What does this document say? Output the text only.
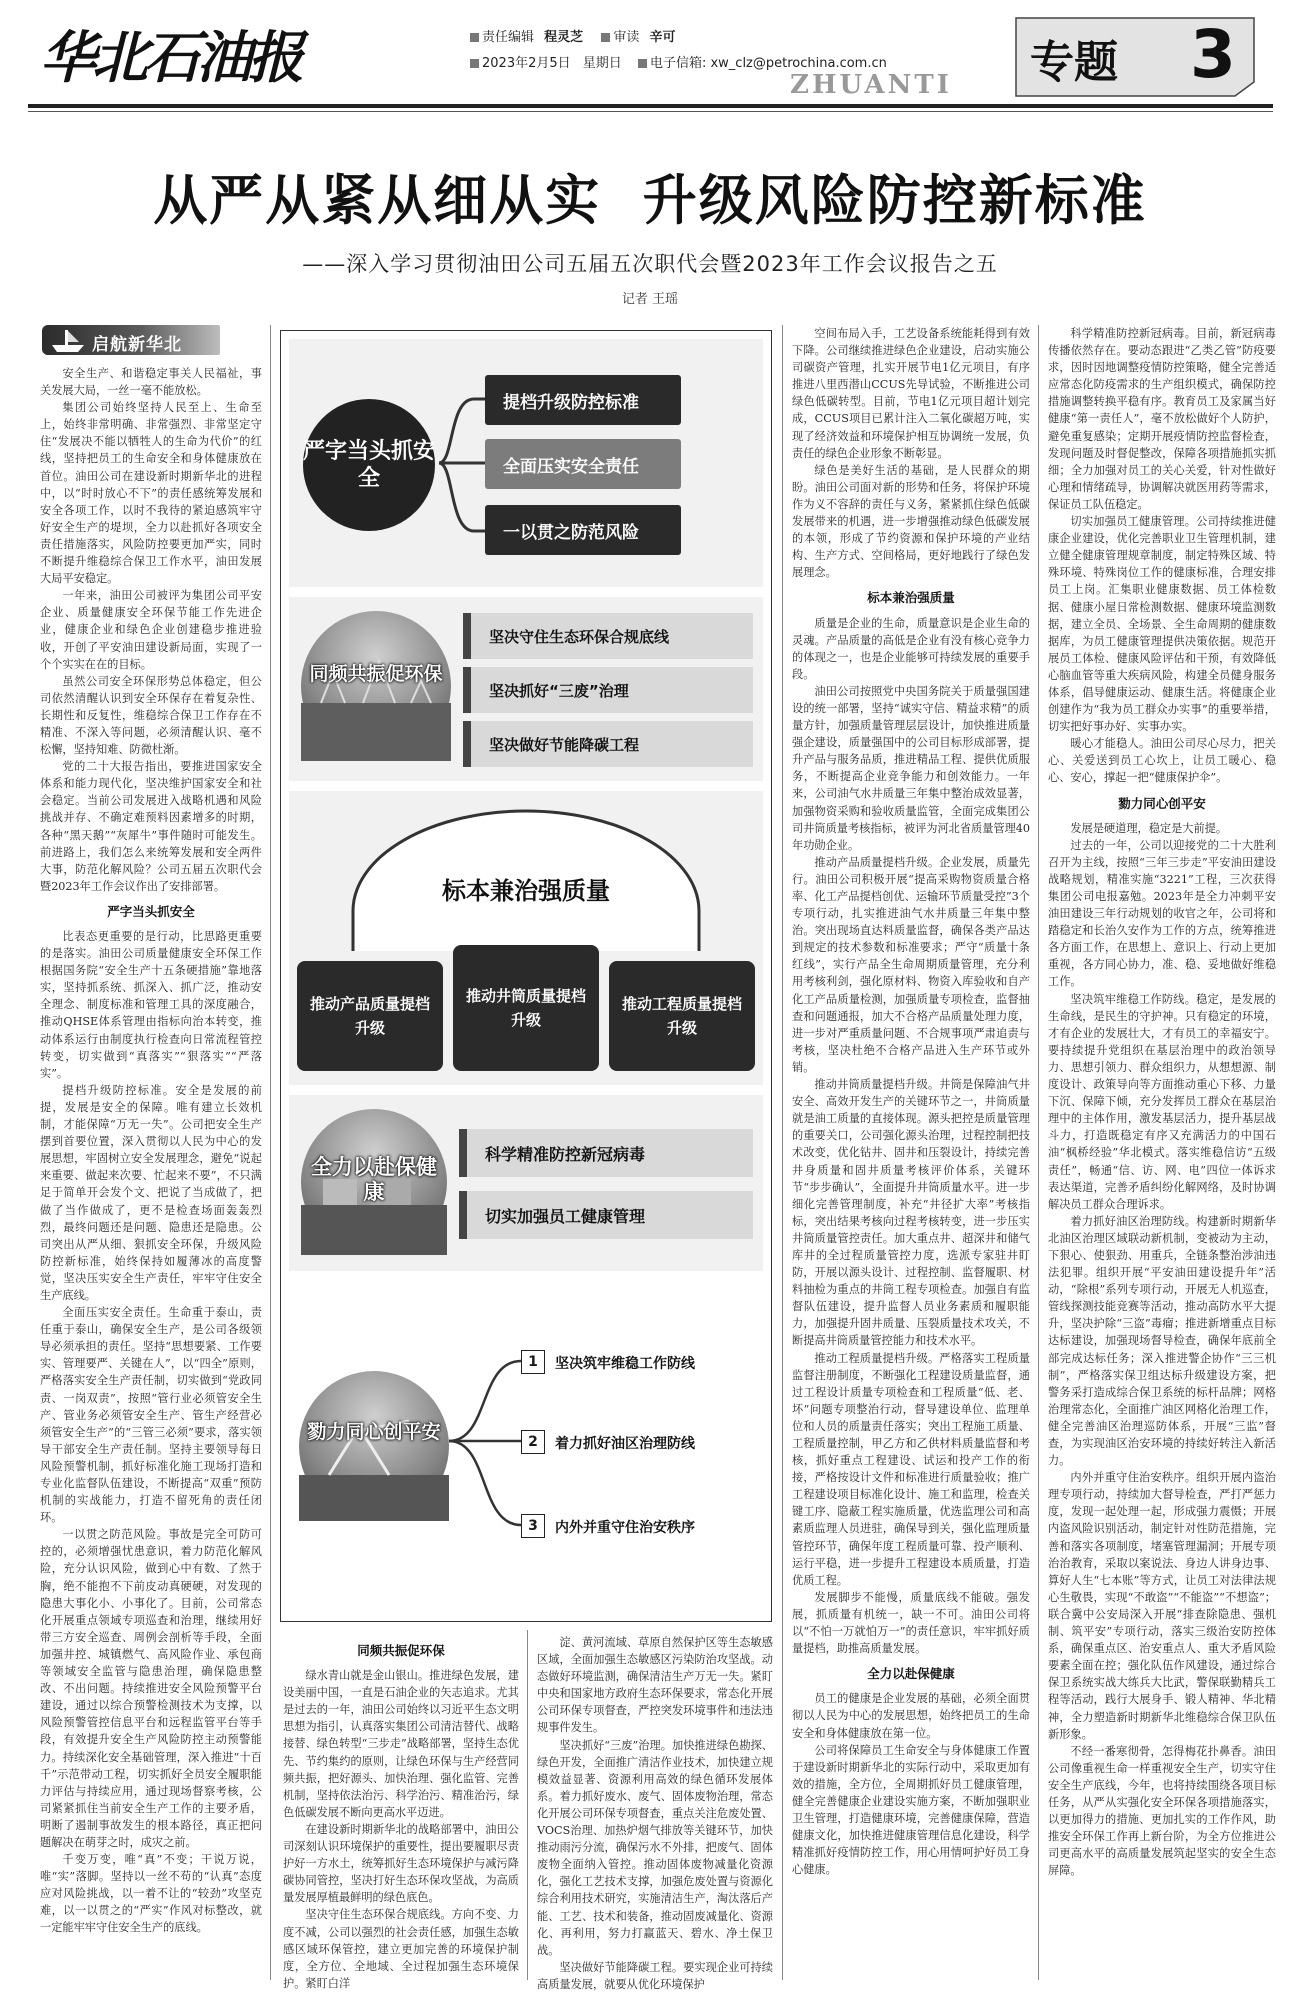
华北石油报	责任编辑 程灵芝 审读 辛可
2023年2月5日 星期日 电子信箱: xw_clz@petrochina.com.cn
ZHUANTI 专题 3
从严从紧从细从实  升级风险防控新标准
——深入学习贯彻油田公司五届五次职代会暨2023年工作会议报告之五
记者 王瑶
启航新华北

安全生产、和谐稳定事关人民福祉，事关发展大局，一丝一毫不能放松。

集团公司始终坚持人民至上、生命至上，始终非常明确、非常强烈、非常坚定守住“发展决不能以牺牲人的生命为代价”的红线，坚持把员工的生命安全和身体健康放在首位。油田公司在建设新时期新华北的进程中，以“时时放心不下”的责任感统筹发展和安全各项工作，以时不我待的紧迫感筑牢守好安全生产的堤坝，全力以赴抓好各项安全责任措施落实，风险防控要更加严实，同时不断提升维稳综合保卫工作水平，油田发展大局平安稳定。

一年来，油田公司被评为集团公司平安企业、质量健康安全环保节能工作先进企业，健康企业和绿色企业创建稳步推进验收，开创了平安油田建设新局面，实现了一个个实实在在的目标。

虽然公司安全环保形势总体稳定，但公司依然清醒认识到安全环保存在着复杂性、长期性和反复性，维稳综合保卫工作存在不精准、不深入等问题，必须清醒认识、毫不松懈，坚持知难、防微杜渐。

党的二十大报告指出，要推进国家安全体系和能力现代化，坚决维护国家安全和社会稳定。当前公司发展进入战略机遇和风险挑战并存、不确定难预料因素增多的时期，各种“黑天鹅”“灰犀牛”事件随时可能发生。前进路上，我们怎么来统筹发展和安全两件大事，防范化解风险？公司五届五次职代会暨2023年工作会议作出了安排部署。

严字当头抓安全

比表态更重要的是行动，比思路更重要的是落实。油田公司质量健康安全环保工作根据国务院“安全生产十五条硬措施”靠地落实，坚持抓系统、抓深入、抓广泛，推动安全理念、制度标准和管理工具的深度融合，推动QHSE体系管理由指标向治本转变，推动体系运行由制度执行检查向日常流程管控转变，切实做到“真落实”“狠落实”“严落实”。

提档升级防控标准。安全是发展的前提，发展是安全的保障。唯有建立长效机制，才能保障“万无一失”。公司把安全生产摆到首要位置，深入贯彻以人民为中心的发展思想，牢固树立安全发展理念，避免“说起来重要、做起来次要、忙起来不要”，不只满足于简单开会发个文、把说了当成做了，把做了当作做成了，更不是检查场面轰轰烈烈，最终问题还是问题、隐患还是隐患。公司突出从严从细、狠抓安全环保，升级风险防控新标准，始终保持如履薄冰的高度警觉，坚决压实安全生产责任，牢牢守住安全生产底线。

全面压实安全责任。生命重于泰山，责任重于泰山，确保安全生产，是公司各级领导必须承担的责任。坚持“思想要紧、工作要实、管理要严、关键在人”，以“四全”原则，严格落实安全生产责任制，切实做到“党政同责、一岗双责”，按照“管行业必须管安全生产、管业务必须管安全生产、管生产经营必须管安全生产”的“三管三必须”要求，落实领导干部安全生产责任制。坚持主要领导每日风险预警机制，抓好标准化施工现场打造和专业化监督队伍建设，不断提高“双重”预防机制的实战能力，打造不留死角的责任闭环。

一以贯之防范风险。事故是完全可防可控的，必须增强忧患意识，着力防范化解风险，充分认识风险，做到心中有数、了然于胸，绝不能抱不下前皮动真硬硬，对发现的隐患大事化小、小事化了。目前，公司常态化开展重点领域专项巡查和治理，继续用好带三方安全巡查、周例会剖析等手段，全面加强井控、城镇燃气、高风险作业、承包商等领域安全监管与隐患治理，确保隐患整改、不出问题。持续推进安全风险预警平台建设，通过以综合预警检测技术为支撑，以风险预警管控信息平台和远程监管平台等手段，有效提升安全生产风险防控主动预警能力。持续深化安全基础管理，深入推进“十百千”示范带动工程，切实抓好全员安全履职能力评估与持续应用，通过现场督察考核，公司紧紧抓住当前安全生产工作的主要矛盾，明断了遏制事故发生的根本路径，真正把问题解决在萌芽之时，成灾之前。

千变万变，唯“真”不变；干说万说，唯“实”落脚。坚持以一丝不苟的“认真”态度应对风险挑战，以一着不让的“较劲”攻坚克难，以一以贯之的“严实”作风对标整改，就一定能牢牢守住安全生产的底线。

同频共振促环保

绿水青山就是金山银山。推进绿色发展，建设美丽中国，一直是石油企业的矢志追求。尤其是过去的一年，油田公司始终以习近平生态文明思想为指引，认真落实集团公司清洁替代、战略接替、绿色转型“三步走”战略部署，坚持生态优先、节约集约的原则，让绿色环保与生产经营同频共振，把好源头、加快治理、强化监管、完善机制，坚持依法治污、科学治污、精准治污，绿色低碳发展不断向更高水平迈进。

在建设新时期新华北的战略部署中，油田公司深刻认识环境保护的重要性，提出要履职尽责护好一方水土，统筹抓好生态环境保护与减污降碳协同管控，坚决打好生态环保攻坚战，为高质量发展厚植最鲜明的绿色底色。

坚决守住生态环保合规底线。方向不变、力度不减，公司以强烈的社会责任感，加强生态敏感区域环保管控，建立更加完善的环境保护制度，全方位、全地域、全过程加强生态环境保护。紧盯白洋

淀、黄河流域、草原自然保护区等生态敏感区域，全面加强生态敏感区污染防治攻坚战。动态做好环境监测，确保清洁生产万无一失。紧盯中央和国家地方政府生态环保要求，常态化开展公司环保专项督查，严控突发环境事件和违法违规事件发生。

坚决抓好“三废”治理。加快推进绿色勘探、绿色开发，全面推广清洁作业技术，加快建立规模效益显著、资源利用高效的绿色循环发展体系。着力抓好废水、废气、固体废物治理，常态化开展公司环保专项督查，重点关注危废处置、VOCS治理、加热炉烟气排放等关键环节，加快推动雨污分流，确保污水不外排，把废气、固体废物全面纳入管控。推动固体废物减量化资源化，强化工艺技术支撑，加强危废处置与资源化综合利用技术研究，实施清洁生产，淘汰落后产能、工艺、技术和装备，推动固废减量化、资源化、再利用，努力打赢蓝天、碧水、净土保卫战。

坚决做好节能降碳工程。要实现企业可持续高质量发展，就要从优化环境保护

空间布局入手，工艺设备系统能耗得到有效下降。公司继续推进绿色企业建设，启动实施公司碳资产管理，扎实开展节电1亿元项目，有序推进八里西潜山CCUS先导试验，不断推进公司绿色低碳转型。目前，节电1亿元项目超计划完成，CCUS项目已累计注入二氧化碳超万吨，实现了经济效益和环境保护相互协调统一发展，负责任的绿色企业形象不断彰显。

绿色是美好生活的基础，是人民群众的期盼。油田公司面对新的形势和任务，将保护环境作为义不容辞的责任与义务，紧紧抓住绿色低碳发展带来的机遇，进一步增强推动绿色低碳发展的本领，形成了节约资源和保护环境的产业结构、生产方式、空间格局，更好地践行了绿色发展理念。

标本兼治强质量

质量是企业的生命，质量意识是企业生命的灵魂。产品质量的高低是企业有没有核心竞争力的体现之一，也是企业能够可持续发展的重要手段。

油田公司按照党中央国务院关于质量强国建设的统一部署，坚持“诚实守信、精益求精”的质量方针，加强质量管理层层设计，加快推进质量强企建设，质量强国中的公司目标形成部署，提升产品与服务品质，推进精品工程、提供优质服务，不断提高企业竞争能力和创效能力。一年来，公司油气水井质量三年集中整治成效显著，加强物资采购和验收质量监管，全面完成集团公司井筒质量考核指标，被评为河北省质量管理40年功勋企业。

推动产品质量提档升级。企业发展，质量先行。油田公司积极开展“提高采购物资质量合格率、化工产品提档创优、运输环节质量受控”3个专项行动，扎实推进油气水井质量三年集中整治。突出现场直达料质量监督，确保各类产品达到规定的技术参数和标准要求；严守“质量十条红线”，实行产品全生命周期质量管理，充分利用考核利剑，强化原材料、物资入库验收和自产化工产品质量检测，加强质量专项检查，监督抽查和问题通报，加大不合格产品质量处理力度，进一步对严重质量问题、不合规事项严肃追责与考核，坚决杜绝不合格产品进入生产环节或外销。

推动井筒质量提档升级。井筒是保障油气井安全、高效开发生产的关键环节之一，井筒质量就是油工质量的直接体现。源头把控是质量管理的重要关口，公司强化源头治理，过程控制把技术改变，优化钻井、固井和压裂设计，持续完善井身质量和固井质量考核评价体系，关键环节“步步确认”，全面提升井筒质量水平。进一步细化完善管理制度，补充“井径扩大率”考核指标，突出结果考核向过程考核转变，进一步压实井筒质量管控责任。加大重点井、超深井和储气库井的全过程质量管控力度，选派专家驻井盯防，开展以源头设计、过程控制、监督履职、材料抽检为重点的井筒工程专项检查。加强自有监督队伍建设，提升监督人员业务素质和履职能力，加强提升固井质量、压裂质量技术攻关，不断提高井筒质量管控能力和技术水平。

推动工程质量提档升级。严格落实工程质量监督注册制度，不断强化工程建设质量监督，通过工程设计质量专项检查和工程质量“低、老、坏”问题专项整治行动，督导建设单位、监理单位和人员的质量责任落实；突出工程施工质量、工程质量控制，甲乙方和乙供材料质量监督和考核，抓好重点工程建设、试运和投产工作的衔接，严格按设计文件和标准进行质量验收；推广工程建设项目标准化设计、施工和监理，检查关键工序、隐蔽工程实施质量，优选监理公司和高素质监理人员进驻，确保导到关，强化监理质量管控环节，确保年度工程质量可靠、投产顺利、运行平稳，进一步提升工程建设本质质量，打造优质工程。

发展脚步不能慢，质量底线不能破。强发展，抓质量有机统一，缺一不可。油田公司将以“不怕一万就怕万一”的责任意识，牢牢抓好质量提档，助推高质量发展。

全力以赴保健康

员工的健康是企业发展的基础，必须全面贯彻以人民为中心的发展思想，始终把员工的生命安全和身体健康放在第一位。

公司将保障员工生命安全与身体健康工作置于建设新时期新华北的实际行动中，采取更加有效的措施，全方位，全周期抓好员工健康管理，健全完善健康企业建设实施方案，不断加强职业卫生管理，打造健康环境，完善健康保障，营造健康文化，加快推进健康管理信息化建设，科学精准抓好疫情防控工作，用心用情呵护好员工身心健康。

科学精准防控新冠病毒。目前，新冠病毒传播依然存在。要动态跟进“乙类乙管”防疫要求，因时因地调整疫情防控策略，健全完善适应常态化防疫需求的生产组织模式，确保防控措施调整转换平稳有序。教育员工及家属当好健康“第一责任人”，毫不放松做好个人防护，避免重复感染；定期开展疫情防控监督检查，发现问题及时督促整改，保障各项措施抓实抓细；全力加强对员工的关心关爱，针对性做好心理和情绪疏导，协调解决就医用药等需求，保证员工队伍稳定。

切实加强员工健康管理。公司持续推进健康企业建设，优化完善职业卫生管理机制，建立健全健康管理规章制度，制定特殊区域、特殊环境、特殊岗位工作的健康标准，合理安排员工上岗。汇集职业健康数据、员工体检数据、健康小屋日常检测数据、健康环境监测数据，建立全员、全场景、全生命周期的健康数据库，为员工健康管理提供决策依据。规范开展员工体检、健康风险评估和干预，有效降低心脑血管等重大疾病风险，构建全员健身服务体系，倡导健康运动、健康生活。将健康企业创建作为“我为员工群众办实事”的重要举措，切实把好事办好、实事办实。

暖心才能稳人。油田公司尽心尽力，把关心、关爱送到员工心坎上，让员工暖心、稳心、安心，撑起一把“健康保护伞”。

勠力同心创平安

发展是硬道理，稳定是大前提。

过去的一年，公司以迎接党的二十大胜利召开为主线，按照“三年三步走”平安油田建设战略规划，精准实施“3221”工程，三次获得集团公司电报嘉勉。2023年是全力冲刺平安油田建设三年行动规划的收官之年，公司将和踏稳定和长治久安作为工作的方点，统筹推进各方面工作，在思想上、意识上、行动上更加重视，各方同心协力，准、稳、妥地做好维稳工作。

坚决筑牢维稳工作防线。稳定，是发展的生命线，是民生的守护神。只有稳定的环境，才有企业的发展壮大，才有员工的幸福安宁。要持续提升党组织在基层治理中的政治领导力、思想引领力、群众组织力，从想想源、制度设计、政策导向等方面推动重心下移、力量下沉、保障下倾，充分发挥员工群众在基层治理中的主体作用，激发基层活力，提升基层战斗力，打造既稳定有序又充满活力的中国石油“枫桥经验”华北模式。落实维稳信访“五级责任”，畅通“信、访、网、电”四位一体诉求表达渠道，完善矛盾纠纷化解网络，及时协调解决员工群众合理诉求。

着力抓好油区治理防线。构建新时期新华北油区治理区域联动新机制，变被动为主动，下狠心、使狠劲、用重兵，全链条整治涉油违法犯罪。组织开展“平安油田建设提升年”活动，“除根”系列专项行动，开展无人机巡查，管线探测技能竞赛等活动，推动高防水平大提升，坚决护除“三盗”毒瘤；推进新增重点目标达标建设，加强现场督导检查，确保年底前全部完成达标任务；深入推进警企协作“三三机制”，严格落实保卫组达标升级建设方案，把警务采打造成综合保卫系统的标杆品牌；网格治理常态化，全面推广油区网格化治理工作，健全完善油区治理巡防体系，开展“三监”督查，为实现油区治安环境的持续好转注入新活力。

内外并重守住治安秩序。组织开展内盗治理专项行动，持续加大督导检查，严打严惩力度，发现一起处理一起，形成强力震慑；开展内盗风险识别活动，制定针对性防范措施，完善和落实各项制度，堵塞管理漏洞；开展专项治治教育，采取以案说法、身边人讲身边事、算好人生“七本账”等方式，让员工对法律法规心生敬畏，实现“不敢盗”“不能盗”“不想盗”；联合冀中公安局深入开展“排查除隐患、强机制、筑平安”专项行动，落实三级治安防控体系，确保重点区、治安重点人、重大矛盾风险要素全面在控；强化队伍作风建设，通过综合保卫系统实战大练兵大比武，警保联勤精兵工程等活动，践行大展身手、锻人精神、华北精神，全力塑造新时期新华北维稳综合保卫队伍新形象。

不经一番寒彻骨，怎得梅花扑鼻香。油田公司像重视生命一样重视安全生产，切实守住安全生产底线，今年，也将持续围绕各项目标任务，从严从实强化安全环保各项措施落实，以更加得力的措施、更加扎实的工作作风，助推安全环保工作再上新台阶，为全方位推进公司更高水平的高质量发展筑起坚实的安全生态屏障。

严字当头抓安全
提档升级防控标准
全面压实安全责任
一以贯之防范风险
同频共振促环保
坚决守住生态环保合规底线
坚决抓好“三废”治理
坚决做好节能降碳工程
标本兼治强质量
推动产品质量提档升级
推动井筒质量提档升级
推动工程质量提档升级
全力以赴保健康
科学精准防控新冠病毒
切实加强员工健康管理
勠力同心创平安
1	坚决筑牢维稳工作防线
2	着力抓好油区治理防线
3	内外并重守住治安秩序
